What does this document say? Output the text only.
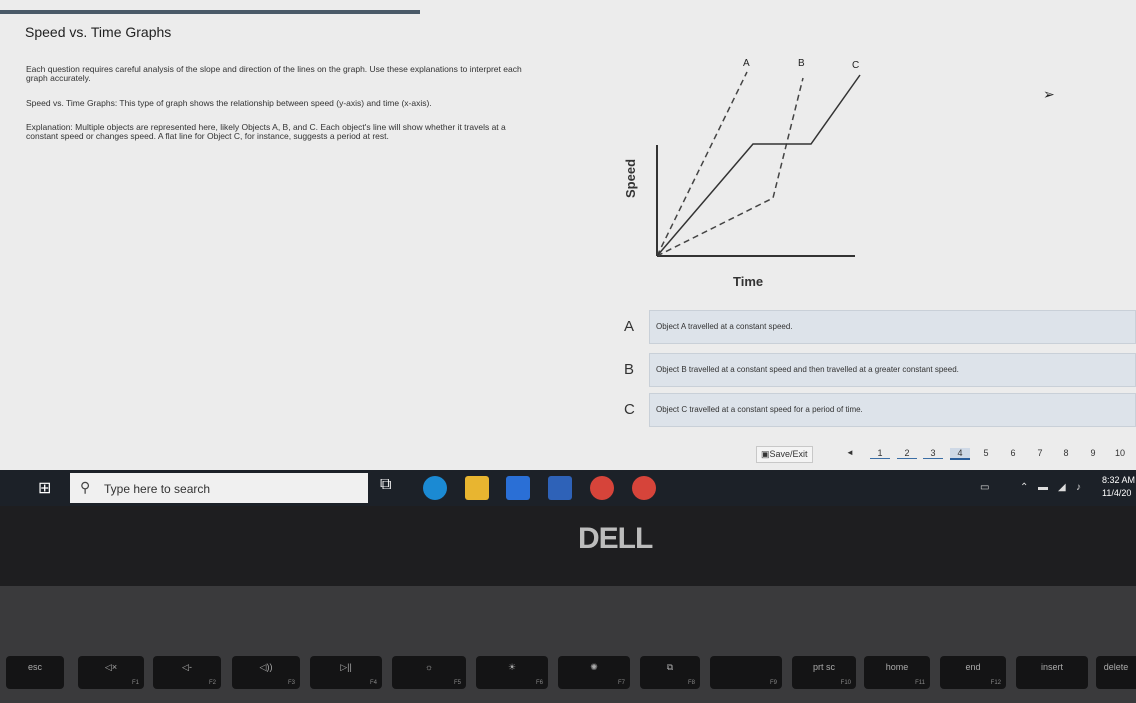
Speed vs. Time Graphs
Each question requires careful analysis of the slope and direction of the lines on the graph. Use these explanations to interpret each
graph accurately.
Speed vs. Time Graphs: This type of graph shows the relationship between speed (y-axis) and time (x-axis).
Explanation: Multiple objects are represented here, likely Objects A, B, and C. Each object's line will show whether it travels at a
constant speed or changes speed. A flat line for Object C, for instance, suggests a period at rest.
A	B	C
Time
Speed
A	Object A travelled at a constant speed.
B	Object B travelled at a constant speed and then travelled at a greater constant speed.
C	Object C travelled at a constant speed for a period of time.
▣Save/Exit	◄	1	2	3	4	5	6	7	8	9	10
➢
⊞	⚲ Type here to search	⧉	▭	⌃ ▬ ◢ ♪
8:32 AM
11/4/20
DELL
esc	◁×
F1
◁-
F2
◁))
F3
▷||
F4
☼
F5
☀
F6
✺
F7
⧉
F8	F9
prt sc
F10
home
F11
end
F12
insert	delete
